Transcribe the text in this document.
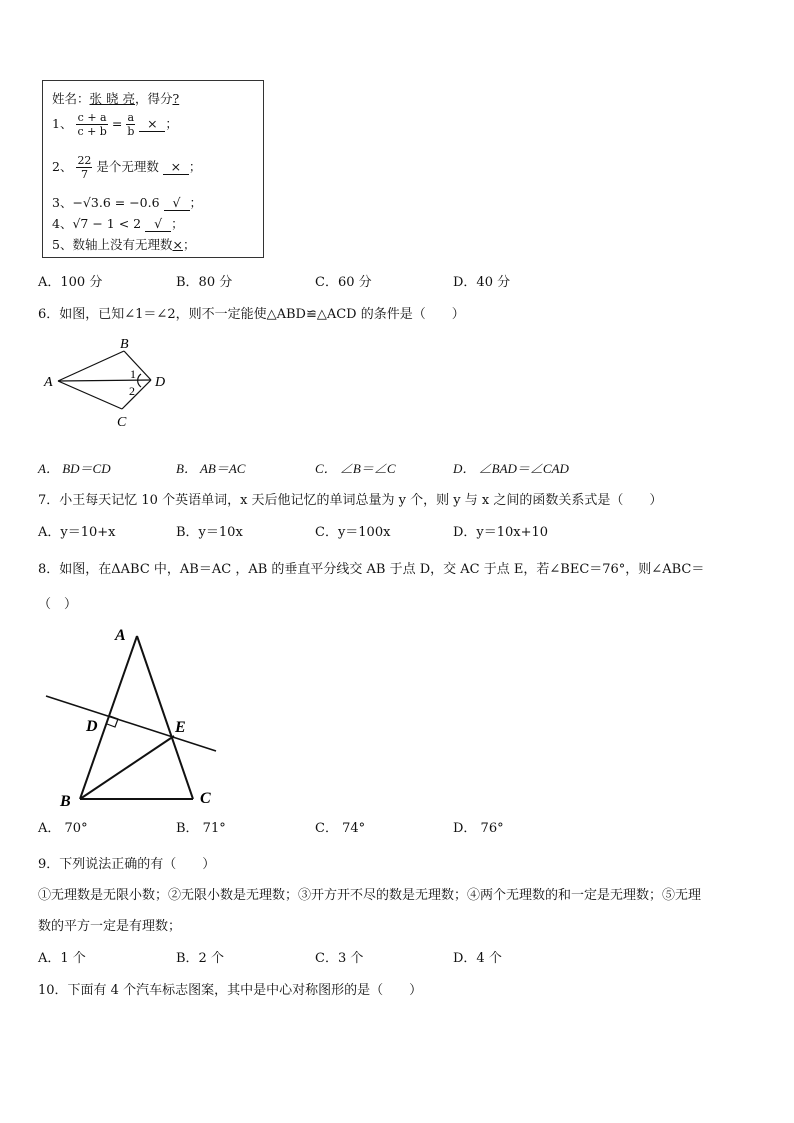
姓名：张 晓 亮，得分?
1、 $\frac{c + a}{c + b} = \frac{a}{b}$ × ；
2、 $\frac{22}{7}$ 是个无理数 × ；
3、−√3.6 = −0.6 √ ；
4、√7 − 1 < 2 √ ；
5、数轴上没有无理数×；
A．100 分	B．80 分	C．60 分	D．40 分
6．如图，已知∠1＝∠2，则不一定能使△ABD≌△ACD 的条件是（　　）
A
B
C
D
1
2
A． BD＝CD	B． AB＝AC	C． ∠B＝∠C	D． ∠BAD＝∠CAD
7．小王每天记忆 10 个英语单词，x 天后他记忆的单词总量为 y 个，则 y 与 x 之间的函数关系式是（　　）
A．y＝10+x	B．y＝10x	C．y＝100x	D．y＝10x+10
8．如图，在ΔABC 中，AB＝AC ，AB 的垂直平分线交 AB 于点 D，交 AC 于点 E，若∠BEC＝76°，则∠ABC＝
（　）
A
B	C
D	E
A． 70°	B． 71°	C． 74°	D． 76°
9．下列说法正确的有（　　）
①无理数是无限小数；②无限小数是无理数；③开方开不尽的数是无理数；④两个无理数的和一定是无理数；⑤无理
数的平方一定是有理数；
A．1 个	B．2 个	C．3 个	D．4 个
10．下面有 4 个汽车标志图案，其中是中心对称图形的是（　　）
